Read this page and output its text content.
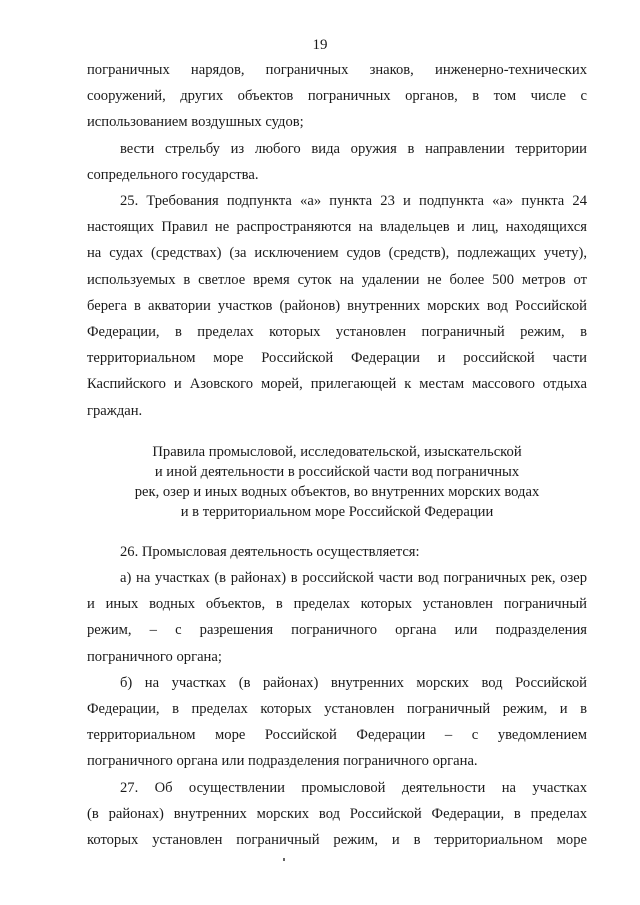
19

пограничных нарядов, пограничных знаков, инженерно-технических

сооружений, других объектов пограничных органов, в том числе с

использованием воздушных судов;

вести стрельбу из любого вида оружия в направлении территории

сопредельного государства.

25. Требования подпункта «а» пункта 23 и подпункта «а» пункта 24

настоящих Правил не распространяются на владельцев и лиц, находящихся

на судах (средствах) (за исключением судов (средств), подлежащих учету),

используемых в светлое время суток на удалении не более 500 метров от

берега в акватории участков (районов) внутренних морских вод Российской

Федерации, в пределах которых установлен пограничный режим, в

территориальном море Российской Федерации и российской части

Каспийского и Азовского морей, прилегающей к местам массового отдыха

граждан.

Правила промысловой, исследовательской, изыскательской
и иной деятельности в российской части вод пограничных
рек, озер и иных водных объектов, во внутренних морских водах
и в территориальном море Российской Федерации

26. Промысловая деятельность осуществляется:

а) на участках (в районах) в российской части вод пограничных рек, озер

и иных водных объектов, в пределах которых установлен пограничный

режим, – с разрешения пограничного органа или подразделения

пограничного органа;

б) на участках (в районах) внутренних морских вод Российской

Федерации, в пределах которых установлен пограничный режим, и в

территориальном море Российской Федерации – с уведомлением

пограничного органа или подразделения пограничного органа.

27. Об осуществлении промысловой деятельности на участках

(в районах) внутренних морских вод Российской Федерации, в пределах

которых установлен пограничный режим, и в территориальном море
